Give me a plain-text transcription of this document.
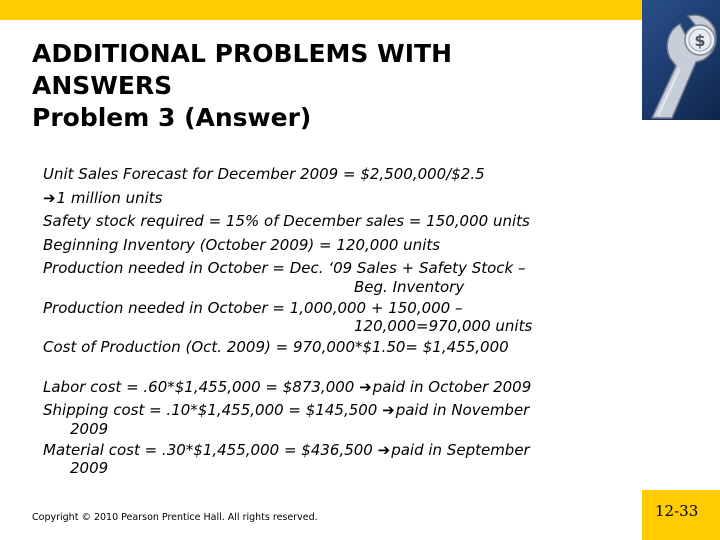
$
ADDITIONAL PROBLEMS WITH
ANSWERS
Problem 3 (Answer)
Unit Sales Forecast for December 2009 = $2,500,000/$2.5
➔1 million units
Safety stock required = 15% of December sales = 150,000 units
Beginning Inventory (October 2009) = 120,000 units
Production needed in October = Dec. ‘09 Sales + Safety Stock –
Beg. Inventory
Production needed in October = 1,000,000 + 150,000 –
120,000=970,000 units
Cost of Production (Oct. 2009) = 970,000*$1.50= $1,455,000
Labor cost = .60*$1,455,000 = $873,000 ➔paid in October 2009
Shipping cost = .10*$1,455,000 = $145,500 ➔paid in November
2009
Material cost = .30*$1,455,000 = $436,500 ➔paid in September
2009
Copyright © 2010 Pearson Prentice Hall. All rights reserved.	12-33
